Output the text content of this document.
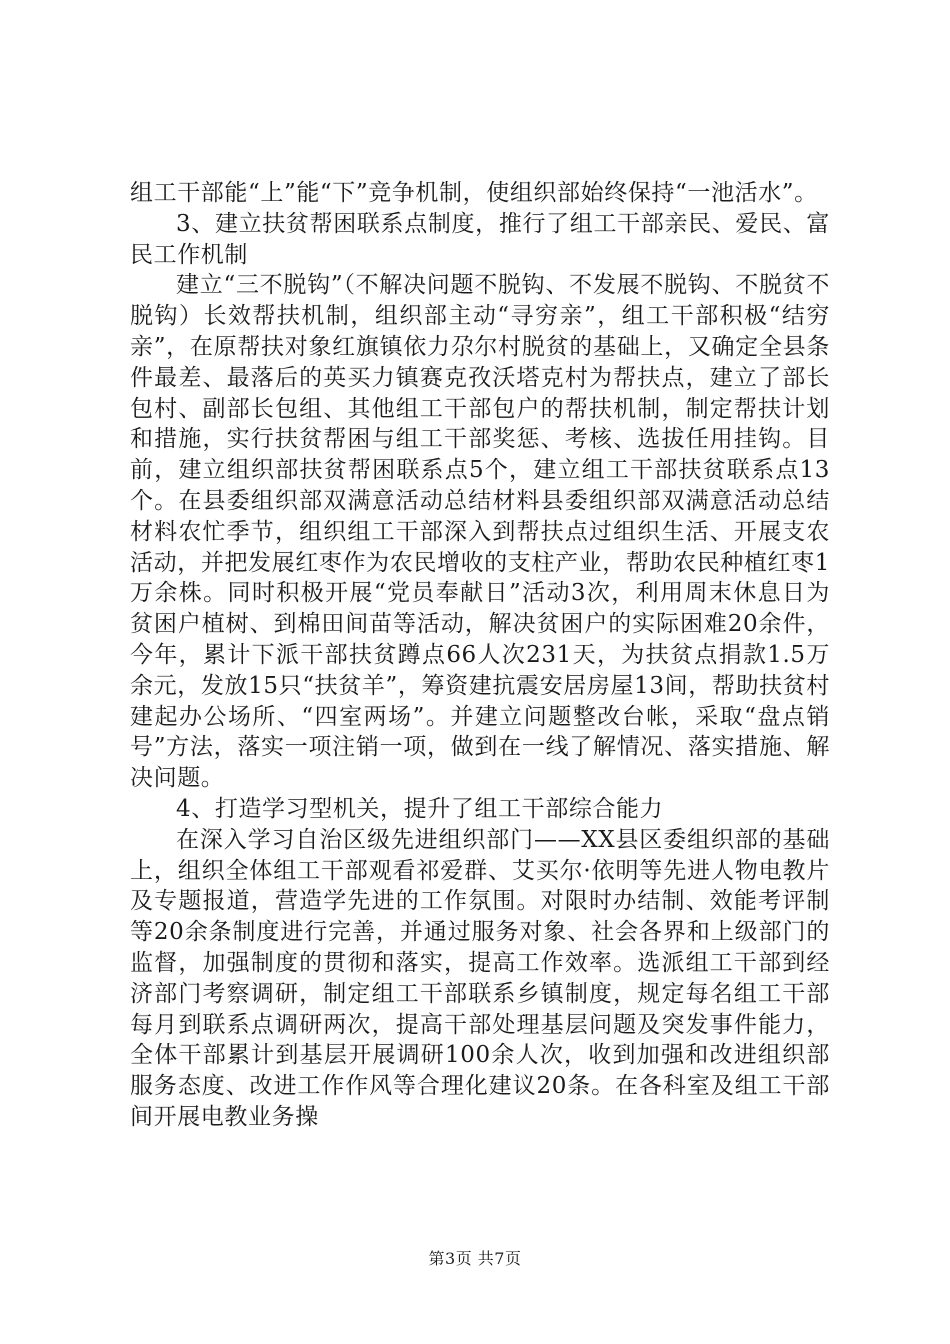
组工干部能“上”能“下”竞争机制，使组织部始终保持“一池活水”。

3、建立扶贫帮困联系点制度，推行了组工干部亲民、爱民、富民工作机制

建立“三不脱钩”（不解决问题不脱钩、不发展不脱钩、不脱贫不脱钩）长效帮扶机制，组织部主动“寻穷亲”，组工干部积极“结穷亲”，在原帮扶对象红旗镇依力尕尔村脱贫的基础上，又确定全县条件最差、最落后的英买力镇赛克孜沃塔克村为帮扶点，建立了部长包村、副部长包组、其他组工干部包户的帮扶机制，制定帮扶计划和措施，实行扶贫帮困与组工干部奖惩、考核、选拔任用挂钩。目前，建立组织部扶贫帮困联系点5个，建立组工干部扶贫联系点13个。在县委组织部双满意活动总结材料县委组织部双满意活动总结材料农忙季节，组织组工干部深入到帮扶点过组织生活、开展支农活动，并把发展红枣作为农民增收的支柱产业，帮助农民种植红枣1万余株。同时积极开展“党员奉献日”活动3次，利用周末休息日为贫困户植树、到棉田间苗等活动，解决贫困户的实际困难20余件，今年，累计下派干部扶贫蹲点66人次231天，为扶贫点捐款1.5万余元，发放15只“扶贫羊”，筹资建抗震安居房屋13间，帮助扶贫村建起办公场所、“四室两场”。并建立问题整改台帐，采取“盘点销号”方法，落实一项注销一项，做到在一线了解情况、落实措施、解决问题。

4、打造学习型机关，提升了组工干部综合能力

在深入学习自治区级先进组织部门——XX县区委组织部的基础上，组织全体组工干部观看祁爱群、艾买尔·依明等先进人物电教片及专题报道，营造学先进的工作氛围。对限时办结制、效能考评制等20余条制度进行完善，并通过服务对象、社会各界和上级部门的监督，加强制度的贯彻和落实，提高工作效率。选派组工干部到经济部门考察调研，制定组工干部联系乡镇制度，规定每名组工干部每月到联系点调研两次，提高干部处理基层问题及突发事件能力，全体干部累计到基层开展调研100余人次，收到加强和改进组织部服务态度、改进工作作风等合理化建议20条。在各科室及组工干部间开展电教业务操

第3页 共7页
